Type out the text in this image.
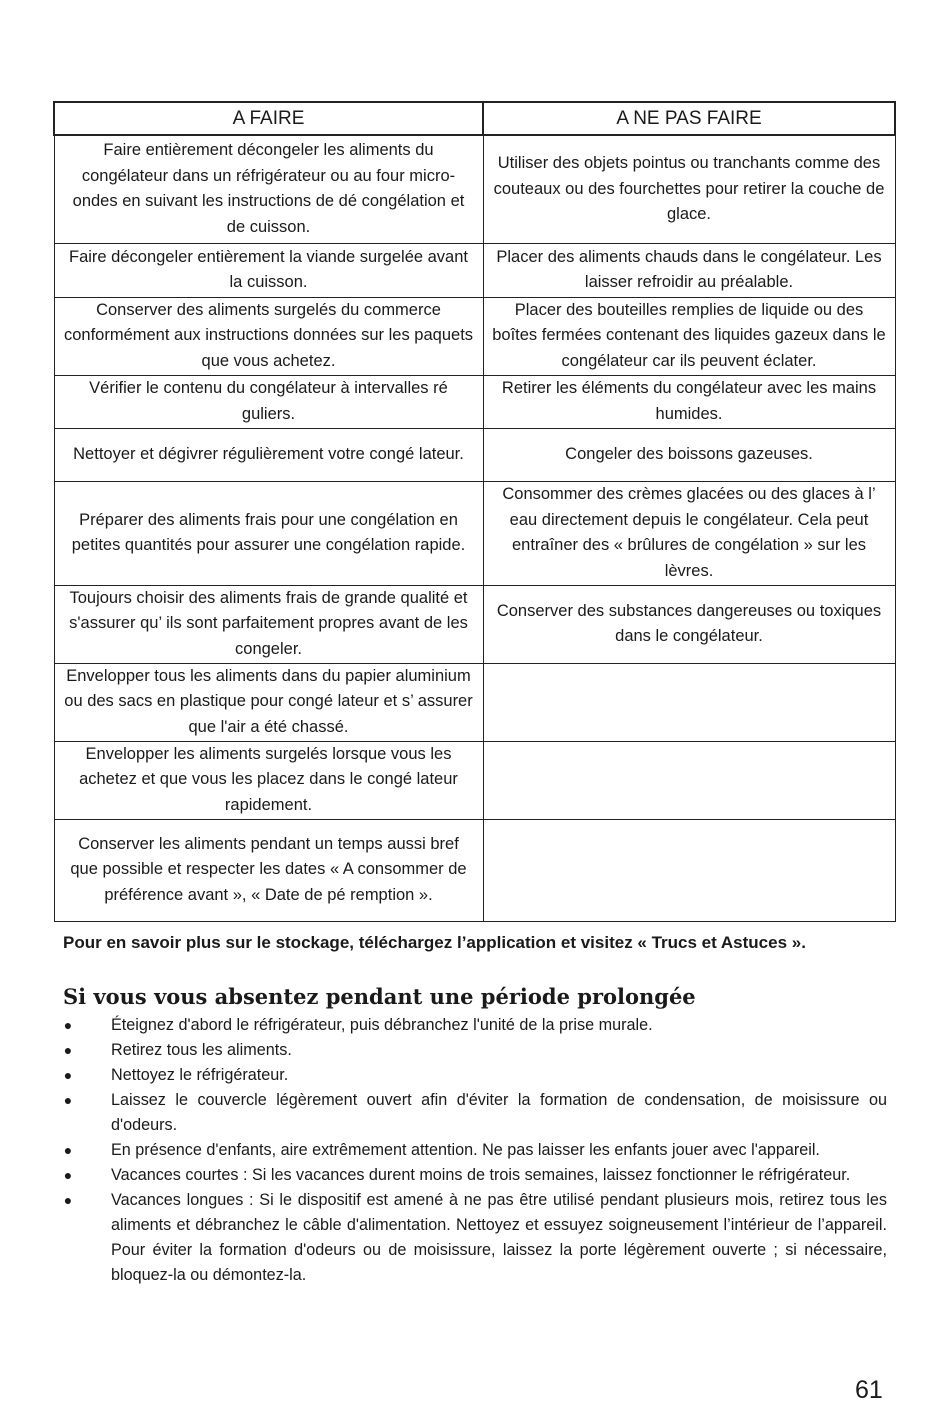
A FAIRE	A NE PAS FAIRE
Faire entièrement décongeler les aliments du congélateur dans un réfrigérateur ou au four micro-ondes en suivant les instructions de dé congélation et de cuisson.	Utiliser des objets pointus ou tranchants comme des couteaux ou des fourchettes pour retirer la couche de glace.
Faire décongeler entièrement la viande surgelée avant la cuisson.	Placer des aliments chauds dans le congélateur. Les laisser refroidir au préalable.
Conserver des aliments surgelés du commerce conformément aux instructions données sur les paquets que vous achetez.	Placer des bouteilles remplies de liquide ou des boîtes fermées contenant des liquides gazeux dans le congélateur car ils peuvent éclater.
Vérifier le contenu du congélateur à intervalles ré guliers.	Retirer les éléments du congélateur avec les mains humides.
Nettoyer et dégivrer régulièrement votre congé lateur.	Congeler des boissons gazeuses.
Préparer des aliments frais pour une congélation en petites quantités pour assurer une congélation rapide.	Consommer des crèmes glacées ou des glaces à l’ eau directement depuis le congélateur. Cela peut entraîner des « brûlures de congélation » sur les lèvres.
Toujours choisir des aliments frais de grande qualité et s'assurer qu’ ils sont parfaitement propres avant de les congeler.	Conserver des substances dangereuses ou toxiques dans le congélateur.
Envelopper tous les aliments dans du papier aluminium ou des sacs en plastique pour congé lateur et s’ assurer que l'air a été chassé.	
Envelopper les aliments surgelés lorsque vous les achetez et que vous les placez dans le congé lateur rapidement.	
Conserver les aliments pendant un temps aussi bref que possible et respecter les dates « A consommer de préférence avant », « Date de pé remption ».	

Pour en savoir plus sur le stockage, téléchargez l’application et visitez « Trucs et Astuces ».

Si vous vous absentez pendant une période prolongée
● Éteignez d'abord le réfrigérateur, puis débranchez l'unité de la prise murale.
● Retirez tous les aliments.
● Nettoyez le réfrigérateur.
● Laissez le couvercle légèrement ouvert afin d'éviter la formation de condensation, de moisissure ou d'odeurs.
● En présence d'enfants, aire extrêmement attention. Ne pas laisser les enfants jouer avec l'appareil.
● Vacances courtes : Si les vacances durent moins de trois semaines, laissez fonctionner le réfrigérateur.
● Vacances longues : Si le dispositif est amené à ne pas être utilisé pendant plusieurs mois, retirez tous les aliments et débranchez le câble d'alimentation. Nettoyez et essuyez soigneusement l’intérieur de l’appareil. Pour éviter la formation d'odeurs ou de moisissure, laissez la porte légèrement ouverte ; si nécessaire, bloquez-la ou démontez-la.

61
